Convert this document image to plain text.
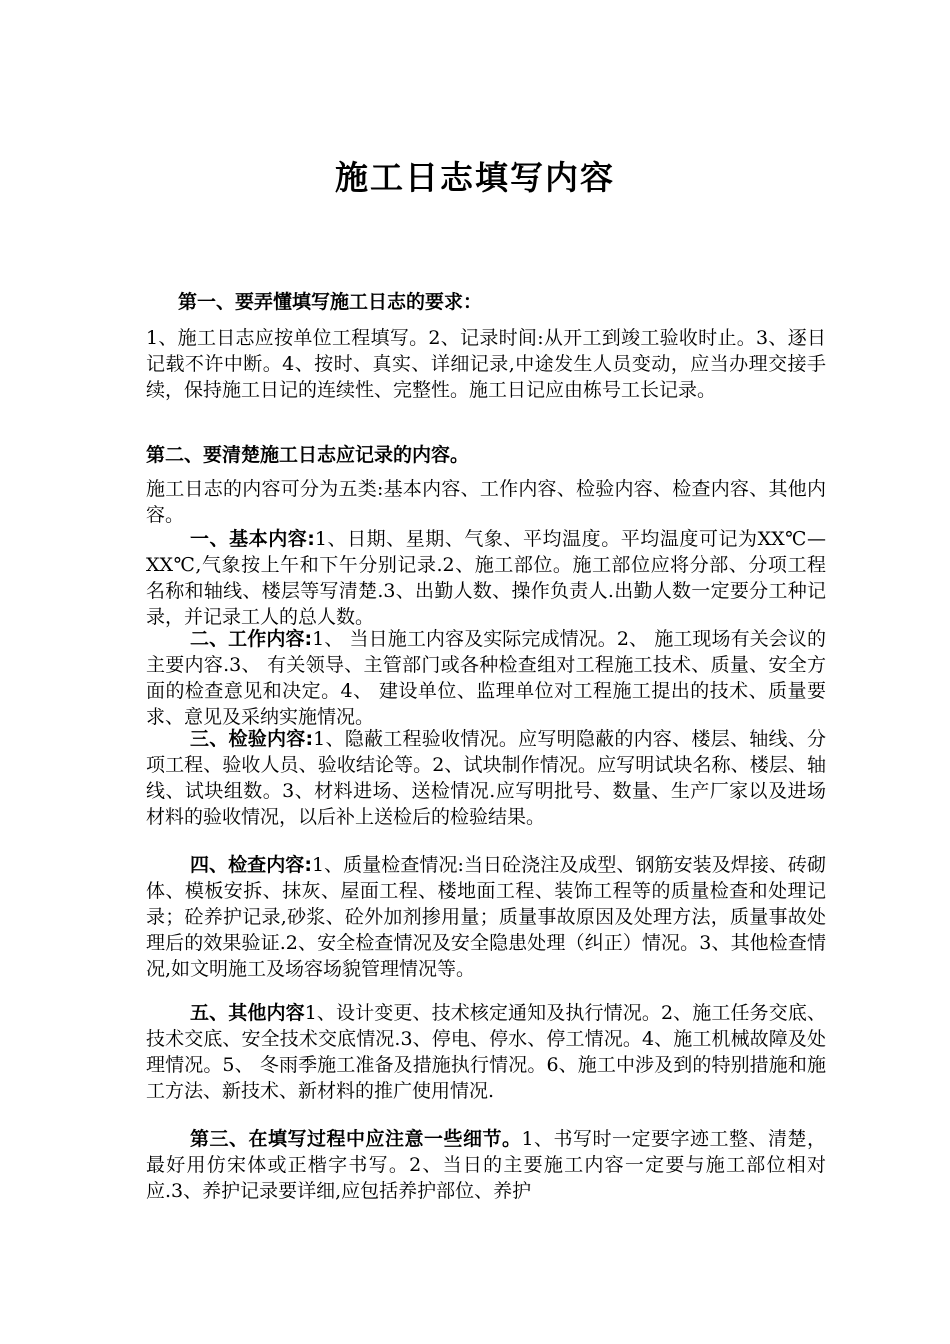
施工日志填写内容
第一、要弄懂填写施工日志的要求：
1、施工日志应按单位工程填写。2、记录时间:从开工到竣工验收时止。3、逐日记载不许中断。4、按时、真实、详细记录,中途发生人员变动，应当办理交接手续，保持施工日记的连续性、完整性。施工日记应由栋号工长记录。
第二、要清楚施工日志应记录的内容。
施工日志的内容可分为五类:基本内容、工作内容、检验内容、检查内容、其他内容。
一、基本内容:1、日期、星期、气象、平均温度。平均温度可记为XX℃—XX℃,气象按上午和下午分别记录.2、施工部位。施工部位应将分部、分项工程名称和轴线、楼层等写清楚.3、出勤人数、操作负责人.出勤人数一定要分工种记录，并记录工人的总人数。
二、工作内容:1、 当日施工内容及实际完成情况。2、 施工现场有关会议的主要内容.3、 有关领导、主管部门或各种检查组对工程施工技术、质量、安全方面的检查意见和决定。4、 建设单位、监理单位对工程施工提出的技术、质量要求、意见及采纳实施情况。
三、检验内容:1、隐蔽工程验收情况。应写明隐蔽的内容、楼层、轴线、分项工程、验收人员、验收结论等。2、试块制作情况。应写明试块名称、楼层、轴线、试块组数。3、材料进场、送检情况.应写明批号、数量、生产厂家以及进场材料的验收情况，以后补上送检后的检验结果。
四、检查内容:1、质量检查情况:当日砼浇注及成型、钢筋安装及焊接、砖砌体、模板安拆、抹灰、屋面工程、楼地面工程、装饰工程等的质量检查和处理记录；砼养护记录,砂浆、砼外加剂掺用量；质量事故原因及处理方法，质量事故处理后的效果验证.2、安全检查情况及安全隐患处理（纠正）情况。3、其他检查情况,如文明施工及场容场貌管理情况等。
五、其他内容1、设计变更、技术核定通知及执行情况。2、施工任务交底、技术交底、安全技术交底情况.3、停电、停水、停工情况。4、施工机械故障及处理情况。5、 冬雨季施工准备及措施执行情况。6、施工中涉及到的特别措施和施工方法、新技术、新材料的推广使用情况.
第三、在填写过程中应注意一些细节。1、书写时一定要字迹工整、清楚，最好用仿宋体或正楷字书写。2、当日的主要施工内容一定要与施工部位相对应.3、养护记录要详细,应包括养护部位、养护
